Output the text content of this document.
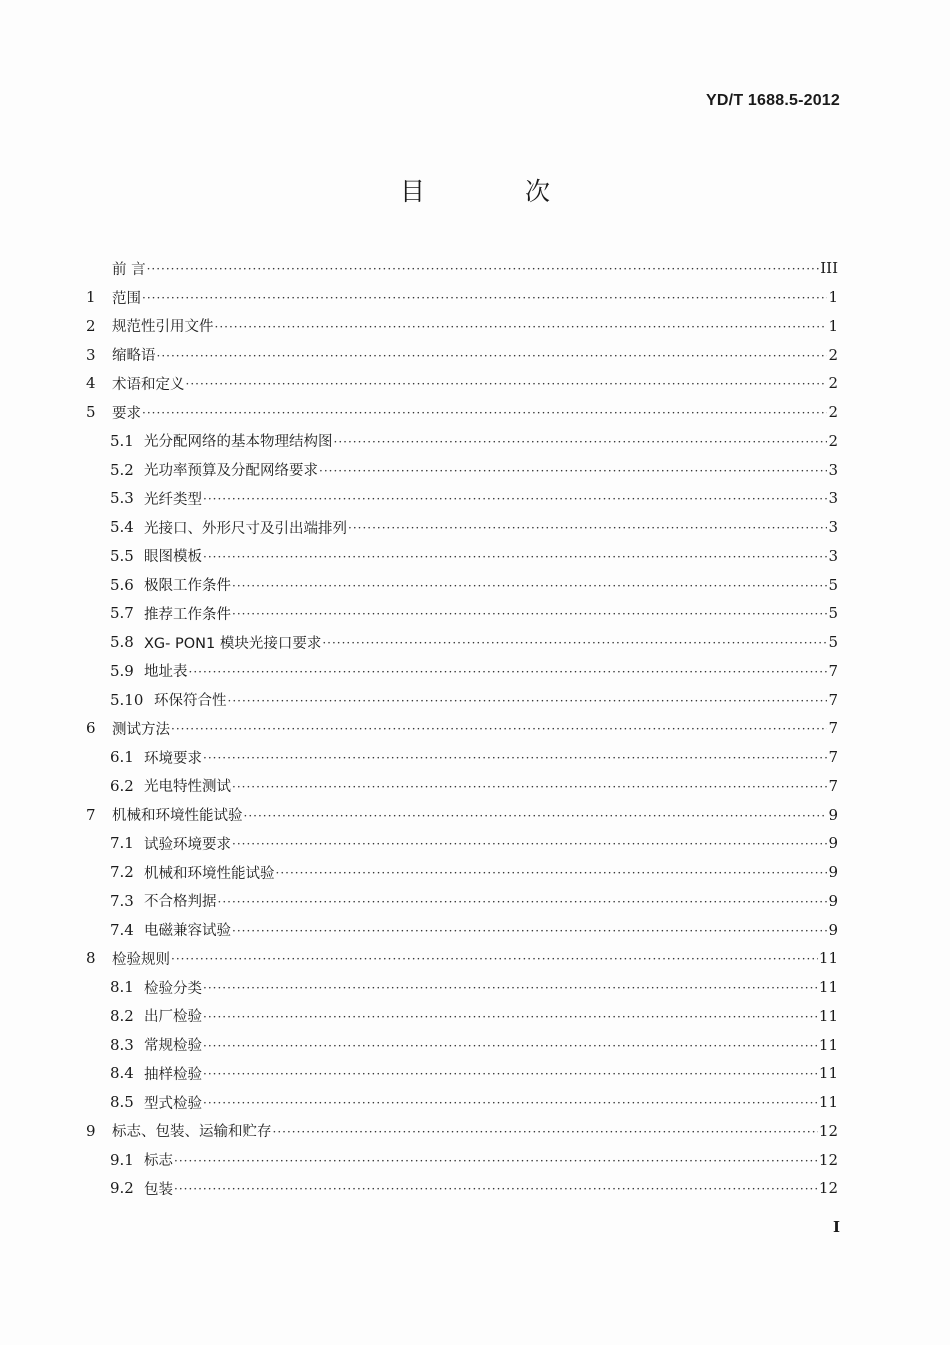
YD/T 1688.5-2012
目 次
前 言 ·····	III
1	范围 ·····	1
2	规范性引用文件 ·····	1
3	缩略语 ·····	2
4	术语和定义 ·····	2
5	要求 ·····	2
5.1 光分配网络的基本物理结构图 ·····	2
5.2 光功率预算及分配网络要求 ·····	3
5.3 光纤类型 ·····	3
5.4 光接口、外形尺寸及引出端排列 ·····	3
5.5 眼图模板 ·····	3
5.6 极限工作条件 ·····	5
5.7 推荐工作条件 ·····	5
5.8 XG- PON1 模块光接口要求 ·····	5
5.9 地址表 ·····	7
5.10 环保符合性 ·····	7
6	测试方法 ·····	7
6.1 环境要求 ·····	7
6.2 光电特性测试 ·····	7
7	机械和环境性能试验 ·····	9
7.1 试验环境要求 ·····	9
7.2 机械和环境性能试验 ·····	9
7.3 不合格判据 ·····	9
7.4 电磁兼容试验 ·····	9
8	检验规则 ·····	11
8.1 检验分类 ·····	11
8.2 出厂检验 ·····	11
8.3 常规检验 ·····	11
8.4 抽样检验 ·····	11
8.5 型式检验 ·····	11
9	标志、包装、运输和贮存 ·····	12
9.1 标志 ·····	12
9.2 包装 ·····	12
I
